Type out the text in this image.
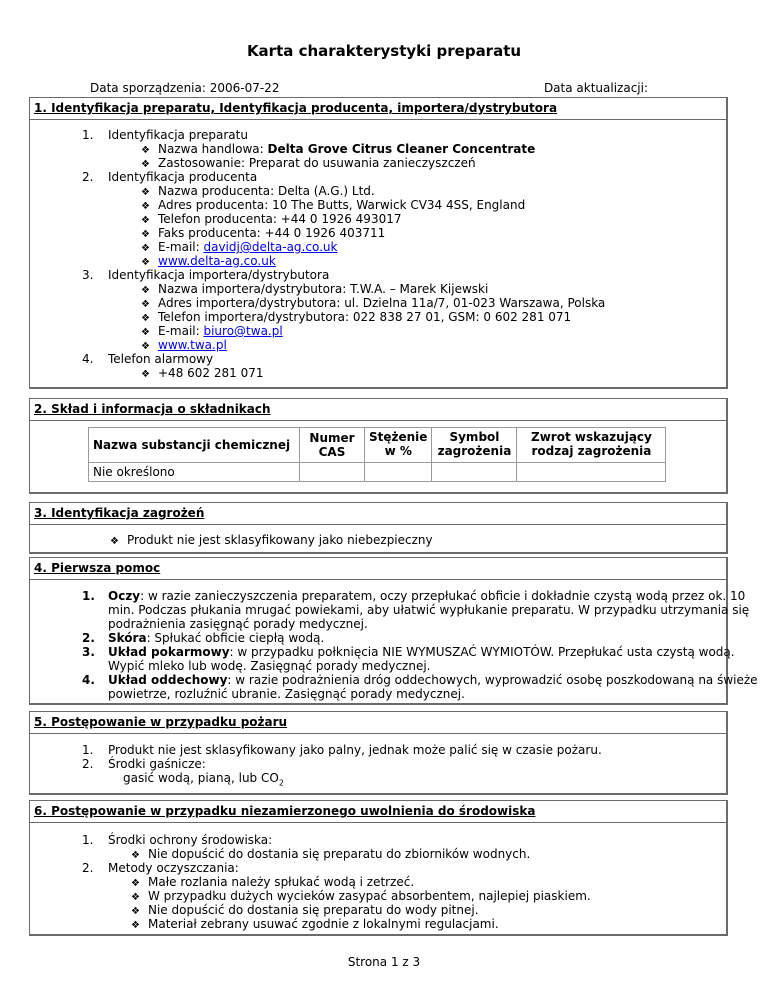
Karta charakterystyki preparatu
Data sporządzenia: 2006-07-22	Data aktualizacji:
1. Identyfikacja preparatu, Identyfikacja producenta, importera/dystrybutora
1. Identyfikacja preparatu
❖ Nazwa handlowa: Delta Grove Citrus Cleaner Concentrate
❖ Zastosowanie: Preparat do usuwania zanieczyszczeń
2. Identyfikacja producenta
❖ Nazwa producenta: Delta (A.G.) Ltd.
❖ Adres producenta: 10 The Butts, Warwick CV34 4SS, England
❖ Telefon producenta: +44 0 1926 493017
❖ Faks producenta: +44 0 1926 403711
❖ E-mail: davidj@delta-ag.co.uk
❖ www.delta-ag.co.uk
3. Identyfikacja importera/dystrybutora
❖ Nazwa importera/dystrybutora: T.W.A. – Marek Kijewski
❖ Adres importera/dystrybutora: ul. Dzielna 11a/7, 01-023 Warszawa, Polska
❖ Telefon importera/dystrybutora: 022 838 27 01, GSM: 0 602 281 071
❖ E-mail: biuro@twa.pl
❖ www.twa.pl
4. Telefon alarmowy
❖ +48 602 281 071
2. Skład i informacja o składnikach
Nazwa substancji chemicznej	Numer CAS	Stężenie w %	Symbol zagrożenia	Zwrot wskazujący rodzaj zagrożenia
Nie określono				
3. Identyfikacja zagrożeń
❖ Produkt nie jest sklasyfikowany jako niebezpieczny
4. Pierwsza pomoc
1. Oczy: w razie zanieczyszczenia preparatem, oczy przepłukać obficie i dokładnie czystą wodą przez ok. 10
min. Podczas płukania mrugać powiekami, aby ułatwić wypłukanie preparatu. W przypadku utrzymania się
podrażnienia zasięgnąć porady medycznej.
2. Skóra: Spłukać obficie ciepłą wodą.
3. Układ pokarmowy: w przypadku połknięcia NIE WYMUSZAĆ WYMIOTÓW. Przepłukać usta czystą wodą.
Wypić mleko lub wodę. Zasięgnąć porady medycznej.
4. Układ oddechowy: w razie podrażnienia dróg oddechowych, wyprowadzić osobę poszkodowaną na świeże
powietrze, rozluźnić ubranie. Zasięgnąć porady medycznej.
5. Postępowanie w przypadku pożaru
1. Produkt nie jest sklasyfikowany jako palny, jednak może palić się w czasie pożaru.
2. Środki gaśnicze:
gasić wodą, pianą, lub $CO_2$
6. Postępowanie w przypadku niezamierzonego uwolnienia do środowiska
1. Środki ochrony środowiska:
❖ Nie dopuścić do dostania się preparatu do zbiorników wodnych.
2. Metody oczyszczania:
❖ Małe rozlania należy spłukać wodą i zetrzeć.
❖ W przypadku dużych wycieków zasypać absorbentem, najlepiej piaskiem.
❖ Nie dopuścić do dostania się preparatu do wody pitnej.
❖ Materiał zebrany usuwać zgodnie z lokalnymi regulacjami.
Strona 1 z 3
